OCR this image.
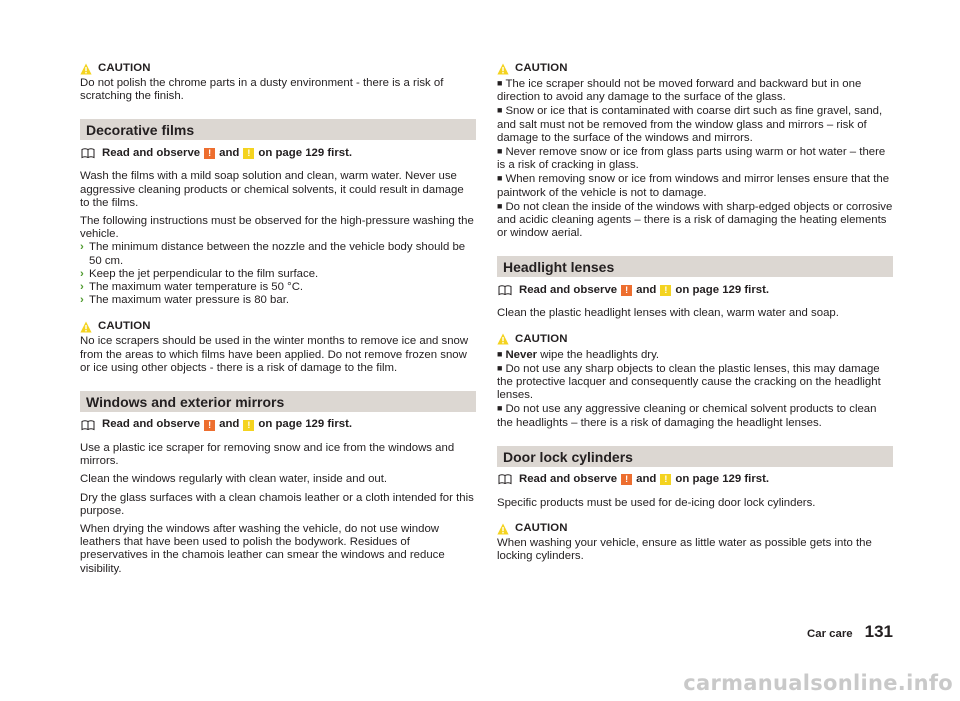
CAUTION

Do not polish the chrome parts in a dusty environment - there is a risk of scratching the finish.

Decorative films
Read and observe ! and ! on page 129 first.

Wash the films with a mild soap solution and clean, warm water. Never use aggressive cleaning products or chemical solvents, it could result in damage to the films.

The following instructions must be observed for the high-pressure washing the vehicle.

› The minimum distance between the nozzle and the vehicle body should be 50 cm.
› Keep the jet perpendicular to the film surface.
› The maximum water temperature is 50 °C.
› The maximum water pressure is 80 bar.
CAUTION

No ice scrapers should be used in the winter months to remove ice and snow from the areas to which films have been applied. Do not remove frozen snow or ice using other objects - there is a risk of damage to the film.

Windows and exterior mirrors
Read and observe ! and ! on page 129 first.

Use a plastic ice scraper for removing snow and ice from the windows and mirrors.

Clean the windows regularly with clean water, inside and out.

Dry the glass surfaces with a clean chamois leather or a cloth intended for this purpose.

When drying the windows after washing the vehicle, do not use window leathers that have been used to polish the bodywork. Residues of preservatives in the chamois leather can smear the windows and reduce visibility.

CAUTION

■ The ice scraper should not be moved forward and backward but in one direction to avoid any damage to the surface of the glass.

■ Snow or ice that is contaminated with coarse dirt such as fine gravel, sand, and salt must not be removed from the window glass and mirrors – risk of damage to the surface of the windows and mirrors.

■ Never remove snow or ice from glass parts using warm or hot water – there is a risk of cracking in glass.

■ When removing snow or ice from windows and mirror lenses ensure that the paintwork of the vehicle is not to damage.

■ Do not clean the inside of the windows with sharp-edged objects or corrosive and acidic cleaning agents – there is a risk of damaging the heating elements or window aerial.

Headlight lenses
Read and observe ! and ! on page 129 first.

Clean the plastic headlight lenses with clean, warm water and soap.

CAUTION

■ Never wipe the headlights dry.

■ Do not use any sharp objects to clean the plastic lenses, this may damage the protective lacquer and consequently cause the cracking on the headlight lenses.

■ Do not use any aggressive cleaning or chemical solvent products to clean the headlights – there is a risk of damaging the headlight lenses.

Door lock cylinders
Read and observe ! and ! on page 129 first.

Specific products must be used for de-icing door lock cylinders.

CAUTION

When washing your vehicle, ensure as little water as possible gets into the locking cylinders.

Car care 131
carmanualsonline.info
